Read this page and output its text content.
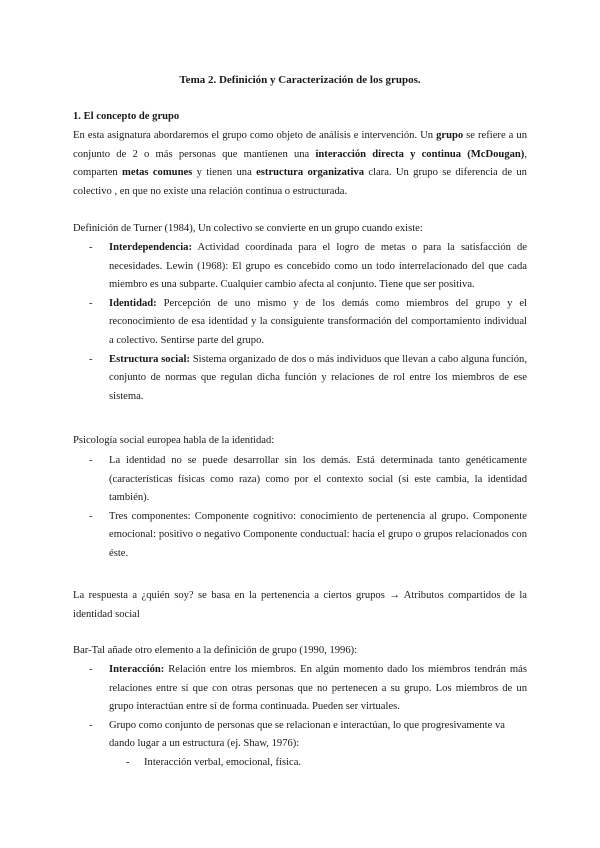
Tema 2. Definición y Caracterización de los grupos.
1. El concepto de grupo
En esta asignatura abordaremos el grupo como objeto de análisis e intervención. Un grupo se refiere a un conjunto de 2 o más personas que mantienen una interacción directa y continua (McDougan), comparten metas comunes y tienen una estructura organizativa clara. Un grupo se diferencia de un colectivo , en que no existe una relación continua o estructurada.
Definición de Turner (1984), Un colectivo se convierte en un grupo cuando existe:
- Interdependencia: Actividad coordinada para el logro de metas o para la satisfacción de necesidades. Lewin (1968): El grupo es concebido como un todo interrelacionado del que cada miembro es una subparte. Cualquier cambio afecta al conjunto. Tiene que ser positiva.
- Identidad: Percepción de uno mismo y de los demás como miembros del grupo y el reconocimiento de esa identidad y la consiguiente transformación del comportamiento individual a colectivo. Sentirse parte del grupo.
- Estructura social: Sistema organizado de dos o más individuos que llevan a cabo alguna función, conjunto de normas que regulan dicha función y relaciones de rol entre los miembros de ese sistema.
Psicología social europea habla de la identidad:
- La identidad no se puede desarrollar sin los demás. Está determinada tanto genéticamente (características físicas como raza) como por el contexto social (si este cambia, la identidad también).
- Tres componentes: Componente cognitivo: conocimiento de pertenencia al grupo. Componente emocional: positivo o negativo Componente conductual: hacia el grupo o grupos relacionados con éste.
La respuesta a ¿quién soy? se basa en la pertenencia a ciertos grupos → Atributos compartidos de la identidad social
Bar-Tal añade otro elemento a la definición de grupo (1990, 1996):
- Interacción: Relación entre los miembros. En algún momento dado los miembros tendrán más relaciones entre sí que con otras personas que no pertenecen a su grupo. Los miembros de un grupo interactúan entre sí de forma continuada. Pueden ser virtuales.
- Grupo como conjunto de personas que se relacionan e interactúan, lo que progresivamente va dando lugar a un estructura (ej. Shaw, 1976):
- Interacción verbal, emocional, física.
